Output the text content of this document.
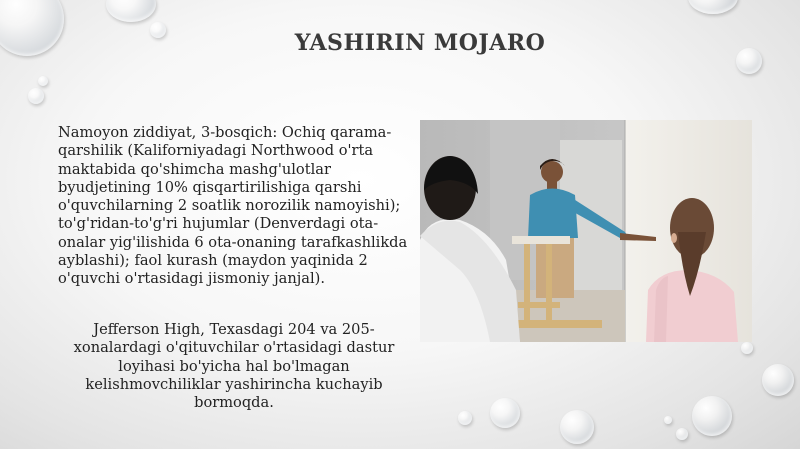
YASHIRIN MOJARO
Namoyon ziddiyat, 3-bosqich: Ochiq qarama-qarshilik (Kaliforniyadagi Northwood o'rta maktabida qo'shimcha mashg'ulotlar byudjetining 10% qisqartirilishiga qarshi o'quvchilarning 2 soatlik norozilik namoyishi); to'g'ridan-to'g'ri hujumlar (Denverdagi ota-onalar yig'ilishida 6 ota-onaning tarafkashlikda ayblashi); faol kurash (maydon yaqinida 2 o'quvchi o'rtasidagi jismoniy janjal).
Jefferson High, Texasdagi 204 va 205-xonalardagi o'qituvchilar o'rtasidagi dastur loyihasi bo'yicha hal bo'lmagan kelishmovchiliklar yashirincha kuchayib bormoqda.
